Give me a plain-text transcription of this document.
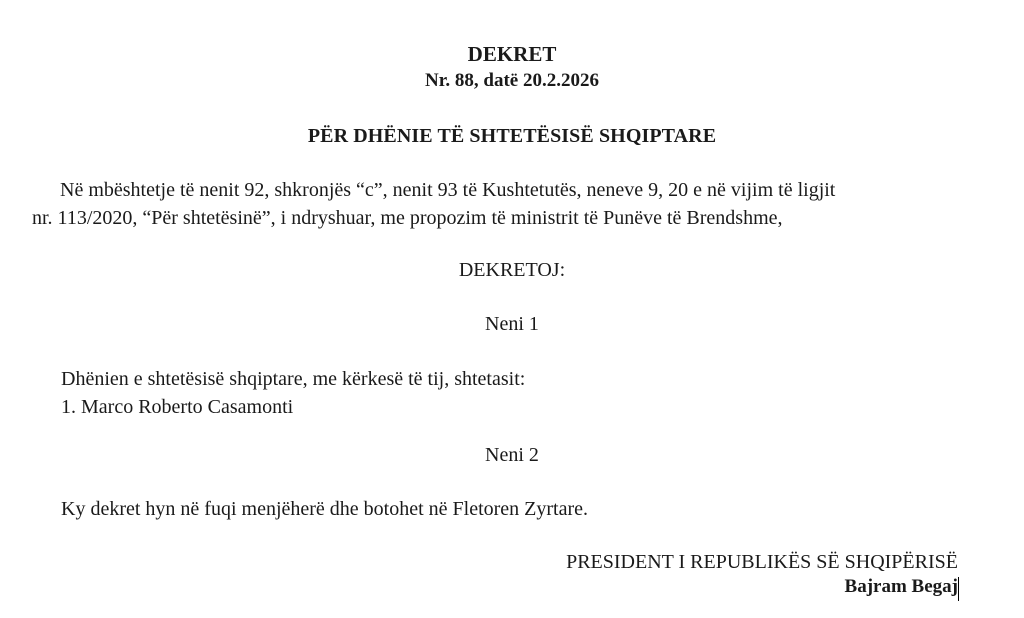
DEKRET
Nr. 88, datë 20.2.2026
PËR DHËNIE TË SHTETËSISË SHQIPTARE
Në mbështetje të nenit 92, shkronjës “c”, nenit 93 të Kushtetutës, neneve 9, 20 e në vijim të ligjit
nr. 113/2020, “Për shtetësinë”, i ndryshuar, me propozim të ministrit të Punëve të Brendshme,
DEKRETOJ:
Neni 1
Dhënien e shtetësisë shqiptare, me kërkesë të tij, shtetasit:
1. Marco Roberto Casamonti
Neni 2
Ky dekret hyn në fuqi menjëherë dhe botohet në Fletoren Zyrtare.
PRESIDENT I REPUBLIKËS SË SHQIPËRISË
Bajram Begaj
